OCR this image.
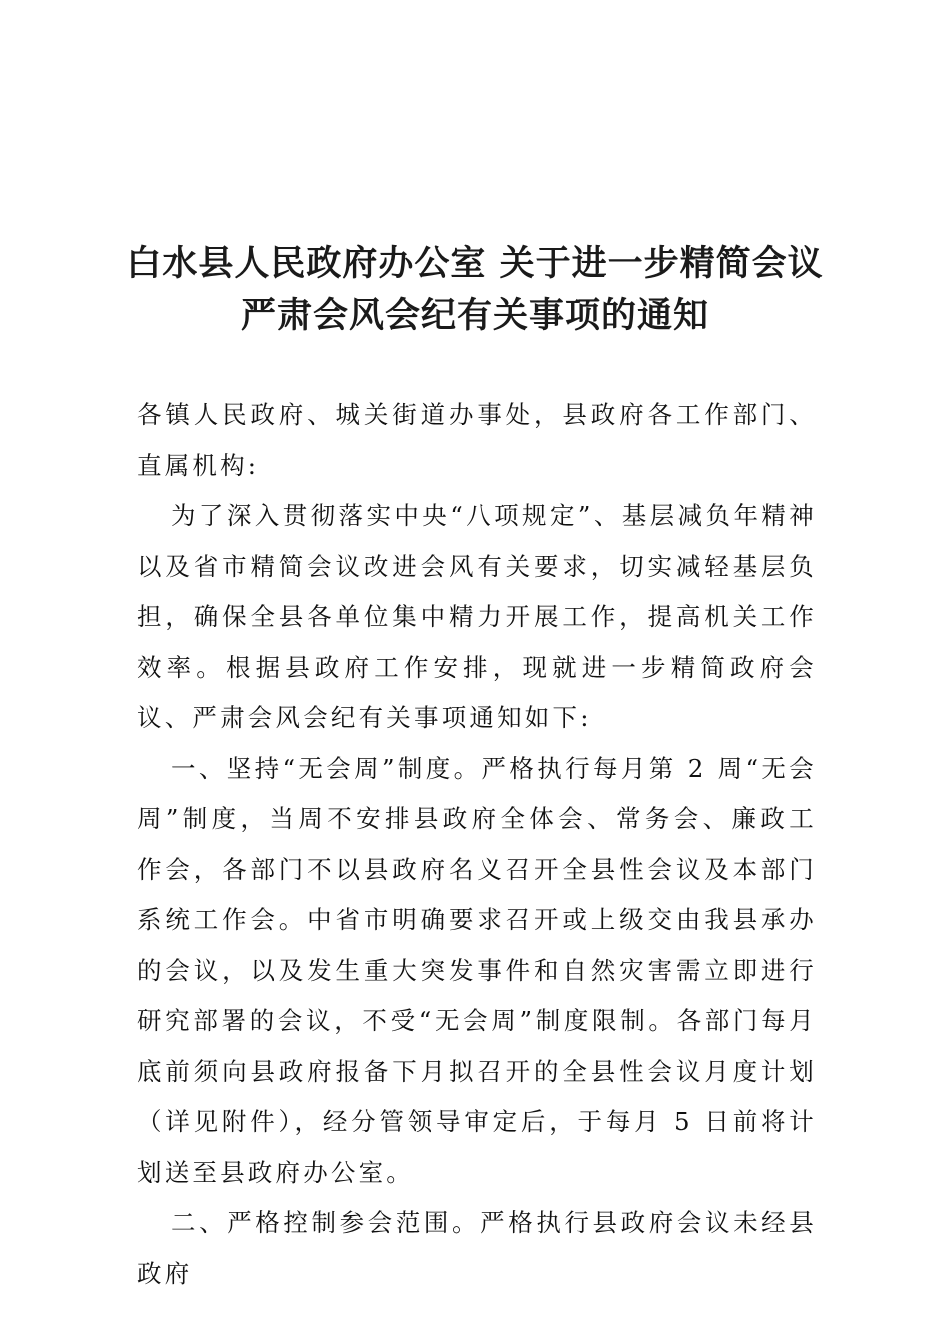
白水县人民政府办公室 关于进一步精简会议
严肃会风会纪有关事项的通知

各镇人民政府、城关街道办事处，县政府各工作部门、直属机构:

为了深入贯彻落实中央“八项规定”、基层减负年精神以及省市精简会议改进会风有关要求，切实减轻基层负担，确保全县各单位集中精力开展工作，提高机关工作效率。根据县政府工作安排，现就进一步精简政府会议、严肃会风会纪有关事项通知如下:

一、坚持“无会周”制度。严格执行每月第 2 周“无会周”制度，当周不安排县政府全体会、常务会、廉政工作会，各部门不以县政府名义召开全县性会议及本部门系统工作会。中省市明确要求召开或上级交由我县承办的会议，以及发生重大突发事件和自然灾害需立即进行研究部署的会议，不受“无会周”制度限制。各部门每月底前须向县政府报备下月拟召开的全县性会议月度计划（详见附件），经分管领导审定后，于每月 5 日前将计划送至县政府办公室。

二、严格控制参会范围。严格执行县政府会议未经县政府
